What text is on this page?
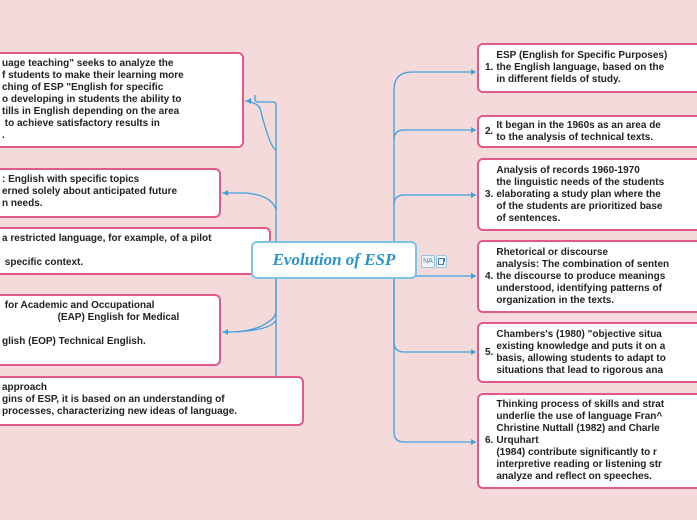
uage teaching" seeks to analyze the
f students to make their learning more
ching of ESP "English for specific
o developing in students the ability to
tills in English depending on the area
to achieve satisfactory results in
.
: English with specific topics
erned solely about anticipated future
n needs.
a restricted language, for example, of a pilot

specific context.
for Academic and Occupational
(EAP) English for Medical

glish (EOP) Technical English.
approach
gins of ESP, it is based on an understanding of
processes, characterizing new ideas of language.
Evolution of ESP	NA
1.
ESP (English for Specific Purposes)
the English language, based on the
in different fields of study.
2.
It began in the 1960s as an area de
to the analysis of technical texts.
3.
Analysis of records 1960-1970
the linguistic needs of the students
elaborating a study plan where the
of the students are prioritized base
of sentences.
4.
Rhetorical or discourse
analysis: The combination of senten
the discourse to produce meanings
understood, identifying patterns of
organization in the texts.
5.
Chambers's (1980) "objective situa
existing knowledge and puts it on a
basis, allowing students to adapt to
situations that lead to rigorous ana
6.
Thinking process of skills and strat
underlie the use of language Fran^
Christine Nuttall (1982) and Charle
Urquhart
(1984) contribute significantly to r
interpretive reading or listening str
analyze and reflect on speeches.
